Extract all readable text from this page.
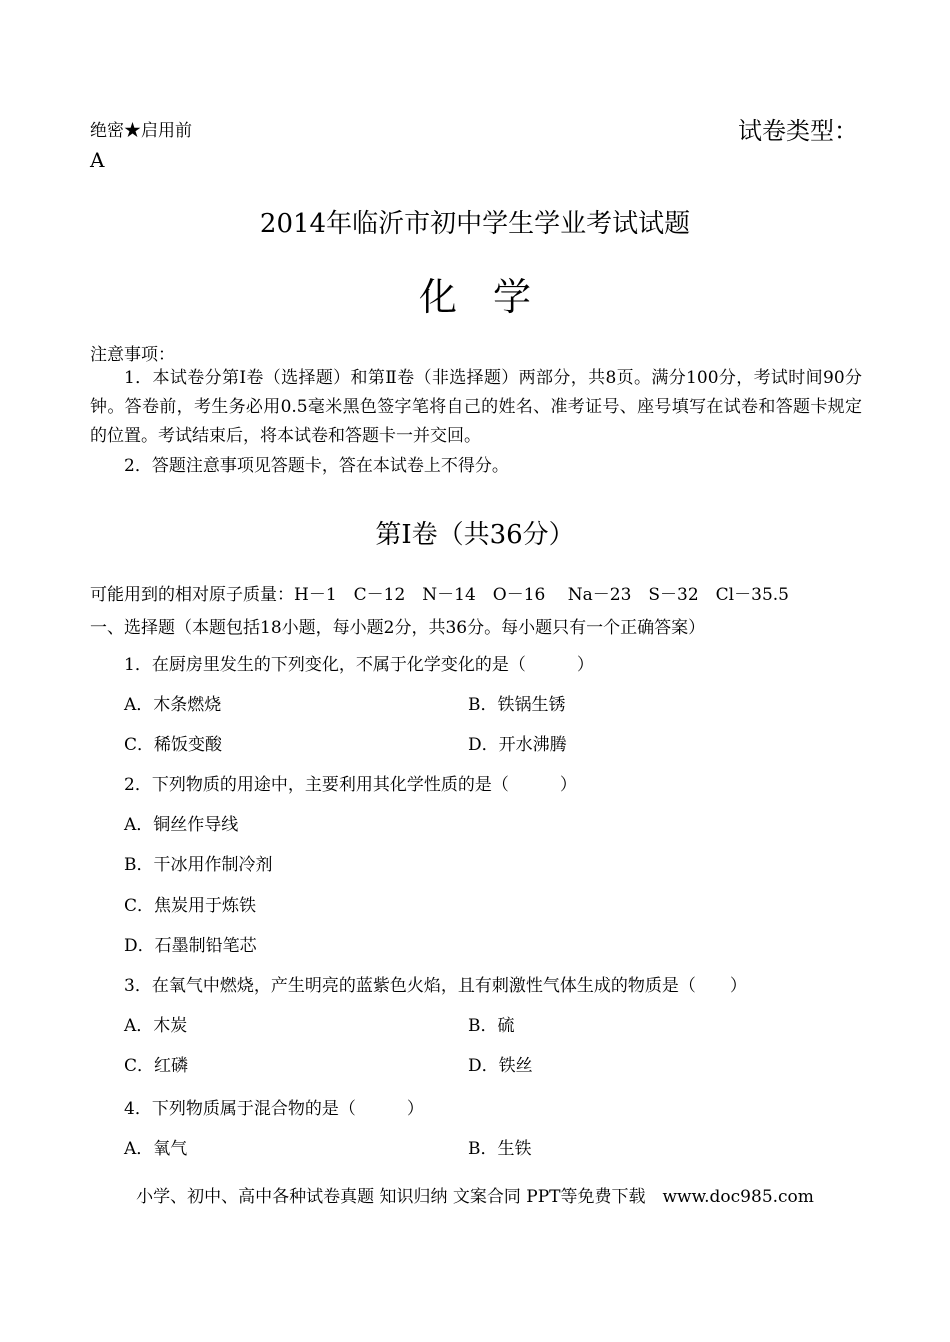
绝密★启用前	试卷类型：
A
2014年临沂市初中学生学业考试试题
化学
注意事项：
1．本试卷分第Ⅰ卷（选择题）和第Ⅱ卷（非选择题）两部分，共8页。满分100分，考试时间90分钟。答卷前，考生务必用0.5毫米黑色签字笔将自己的姓名、准考证号、座号填写在试卷和答题卡规定的位置。考试结束后，将本试卷和答题卡一并交回。
2．答题注意事项见答题卡，答在本试卷上不得分。
第Ⅰ卷（共36分）
可能用到的相对原子质量：H－1　C－12　N－14　O－16　 Na－23　S－32　Cl－35.5
一、选择题（本题包括18小题，每小题2分，共36分。每小题只有一个正确答案）
1．在厨房里发生的下列变化，不属于化学变化的是（　　　）
A．木条燃烧	B．铁锅生锈
C．稀饭变酸	D．开水沸腾
2．下列物质的用途中，主要利用其化学性质的是（　　　）
A．铜丝作导线
B．干冰用作制冷剂
C．焦炭用于炼铁
D．石墨制铅笔芯
3．在氧气中燃烧，产生明亮的蓝紫色火焰，且有刺激性气体生成的物质是（　　）
A．木炭	B．硫
C．红磷	D．铁丝
4．下列物质属于混合物的是（　　　）
A．氧气	B．生铁
小学、初中、高中各种试卷真题 知识归纳 文案合同 PPT等免费下载　www.doc985.com
